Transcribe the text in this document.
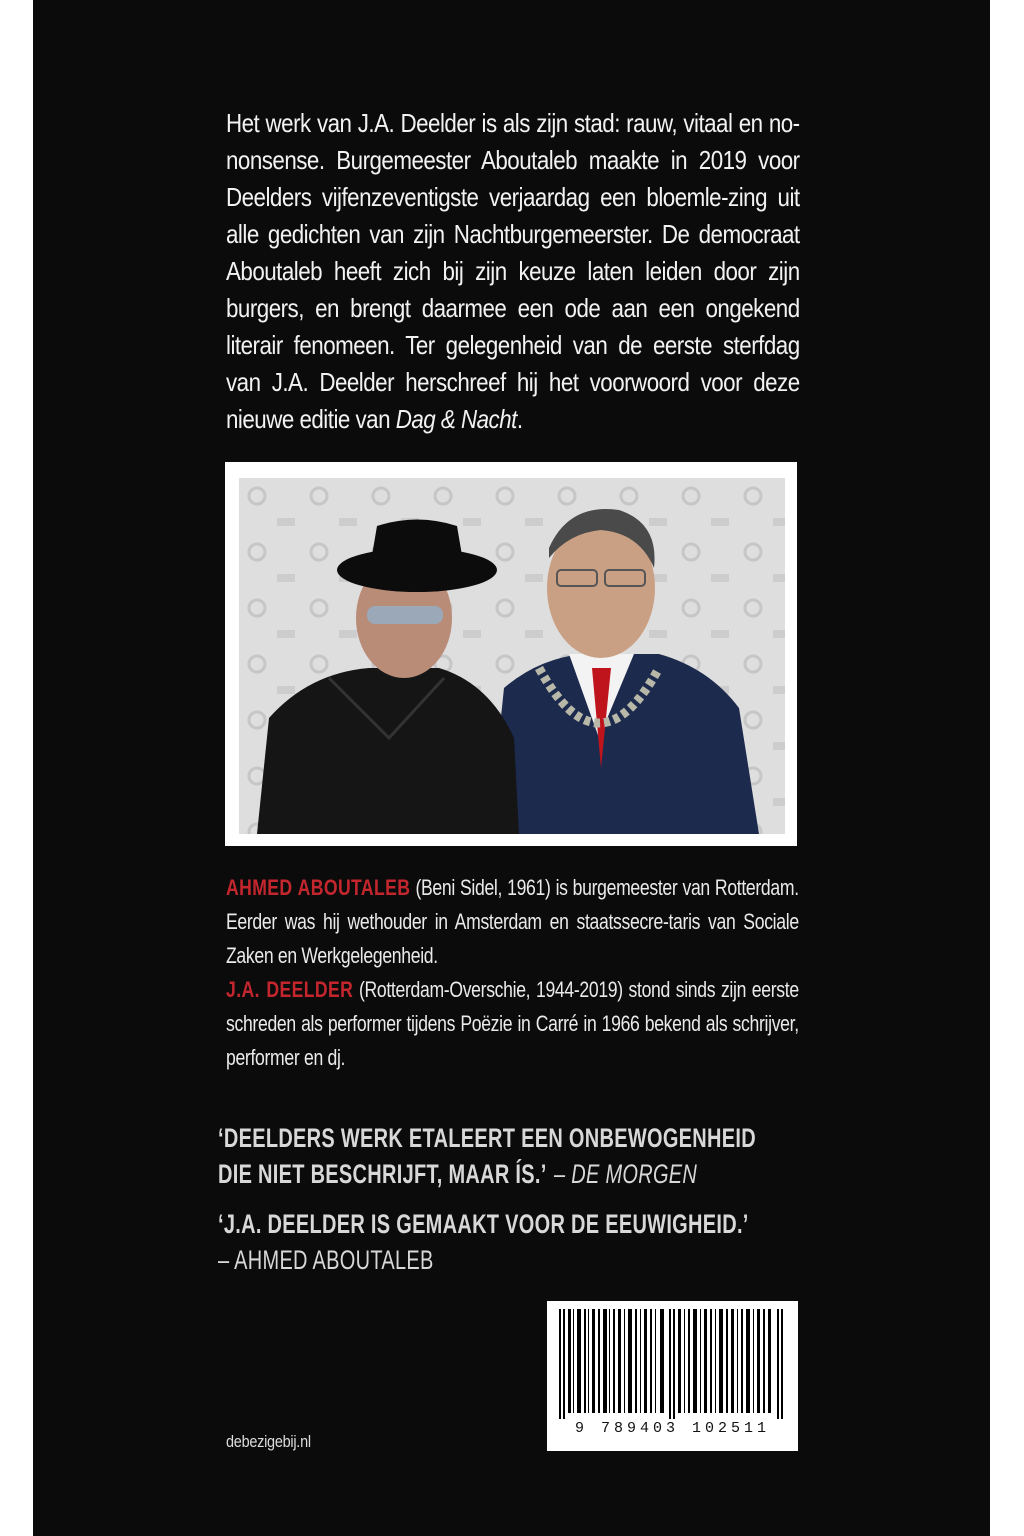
Het werk van J.A. Deelder is als zijn stad: rauw, vitaal en no-nonsense. Burgemeester Aboutaleb maakte in 2019 voor Deelders vijfenzeventigste verjaardag een bloemle-zing uit alle gedichten van zijn Nachtburgemeerster. De democraat Aboutaleb heeft zich bij zijn keuze laten leiden door zijn burgers, en brengt daarmee een ode aan een ongekend literair fenomeen. Ter gelegenheid van de eerste sterfdag van J.A. Deelder herschreef hij het voorwoord voor deze nieuwe editie van Dag & Nacht.
AHMED ABOUTALEB (Beni Sidel, 1961) is burgemeester van Rotterdam. Eerder was hij wethouder in Amsterdam en staatssecre-taris van Sociale Zaken en Werkgelegenheid.
J.A. DEELDER (Rotterdam-Overschie, 1944-2019) stond sinds zijn eerste schreden als performer tijdens Poëzie in Carré in 1966 bekend als schrijver, performer en dj.
‘DEELDERS WERK ETALEERT EEN ONBEWOGENHEID DIE NIET BESCHRIJFT, MAAR ÍS.’ – DE MORGEN
‘J.A. DEELDER IS GEMAAKT VOOR DE EEUWIGHEID.’
– AHMED ABOUTALEB
debezigebij.nl
9 789403 102511
